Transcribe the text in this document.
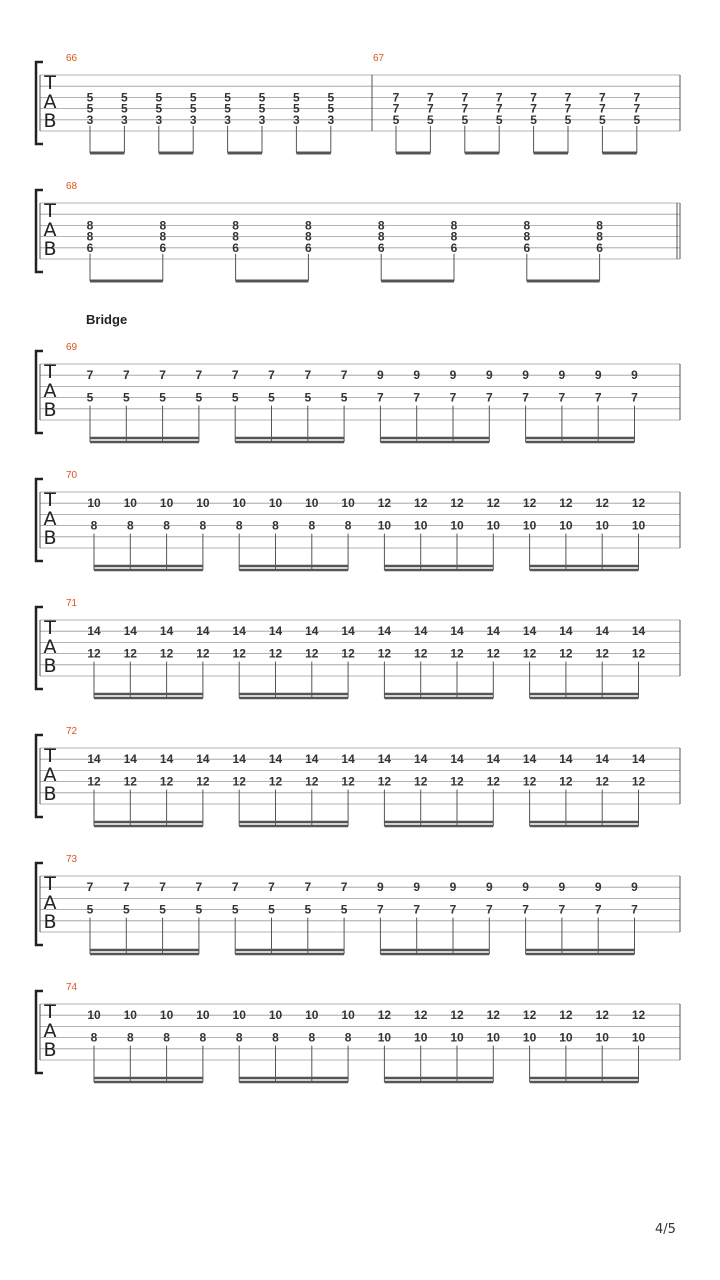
Bridge
T
A
B
66
5
5
3
5
5
3
5
5
3
5
5
3
5
5
3
5
5
3
5
5
3
5
5
3
67
7
7
5
7
7
5
7
7
5
7
7
5
7
7
5
7
7
5
7
7
5
7
7
5
T
A
B
68
8
8
6
8
8
6
8
8
6
8
8
6
8
8
6
8
8
6
8
8
6
8
8
6
T
A
B
69
7
5
7
5
7
5
7
5
7
5
7
5
7
5
7
5
9
7
9
7
9
7
9
7
9
7
9
7
9
7
9
7
T
A
B
70
10
8
10
8
10
8
10
8
10
8
10
8
10
8
10
8
12
10
12
10
12
10
12
10
12
10
12
10
12
10
12
10
T
A
B
71
14
12
14
12
14
12
14
12
14
12
14
12
14
12
14
12
14
12
14
12
14
12
14
12
14
12
14
12
14
12
14
12
T
A
B
72
14
12
14
12
14
12
14
12
14
12
14
12
14
12
14
12
14
12
14
12
14
12
14
12
14
12
14
12
14
12
14
12
T
A
B
73
7
5
7
5
7
5
7
5
7
5
7
5
7
5
7
5
9
7
9
7
9
7
9
7
9
7
9
7
9
7
9
7
T
A
B
74
10
8
10
8
10
8
10
8
10
8
10
8
10
8
10
8
12
10
12
10
12
10
12
10
12
10
12
10
12
10
12
10
4/5
